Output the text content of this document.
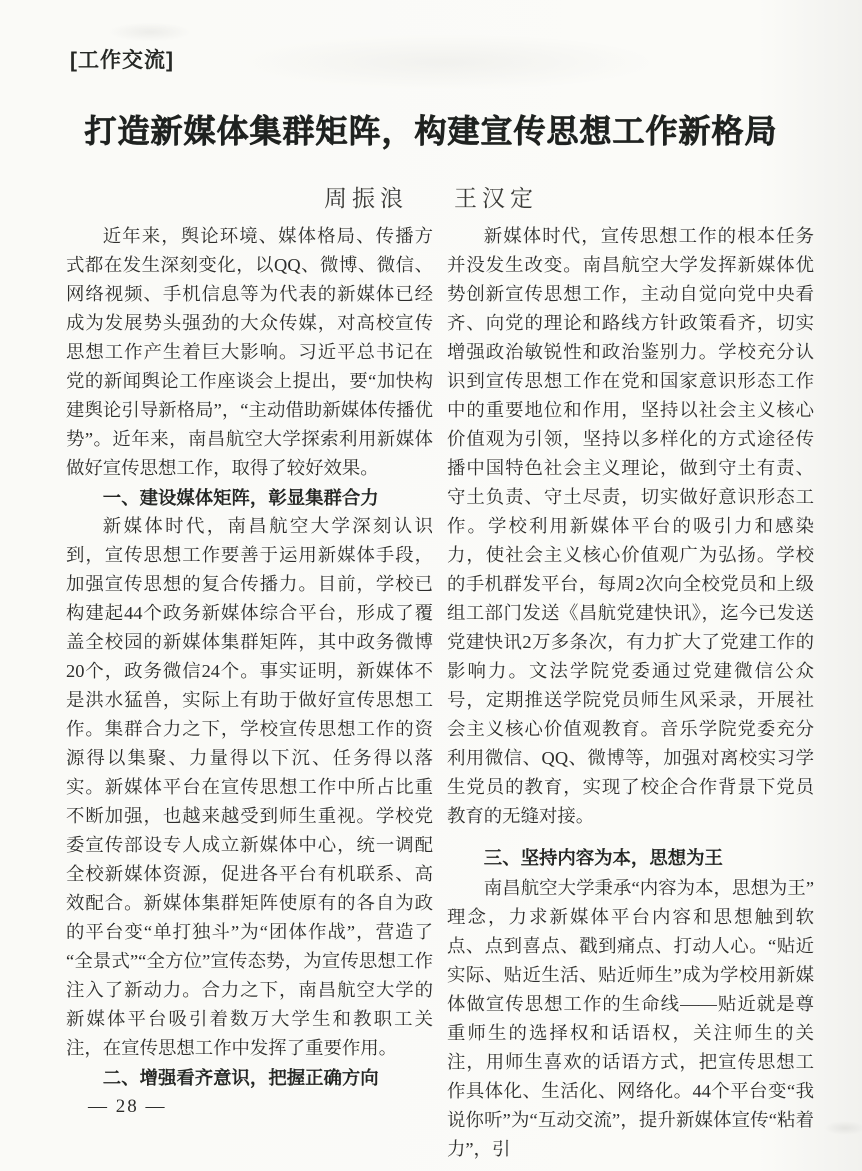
[工作交流]
打造新媒体集群矩阵，构建宣传思想工作新格局
周振浪 王汉定

近年来，舆论环境、媒体格局、传播方式都在发生深刻变化，以QQ、微博、微信、网络视频、手机信息等为代表的新媒体已经成为发展势头强劲的大众传媒，对高校宣传思想工作产生着巨大影响。习近平总书记在党的新闻舆论工作座谈会上提出，要“加快构建舆论引导新格局”，“主动借助新媒体传播优势”。近年来，南昌航空大学探索利用新媒体做好宣传思想工作，取得了较好效果。

一、建设媒体矩阵，彰显集群合力

新媒体时代，南昌航空大学深刻认识到，宣传思想工作要善于运用新媒体手段，加强宣传思想的复合传播力。目前，学校已构建起44个政务新媒体综合平台，形成了覆盖全校园的新媒体集群矩阵，其中政务微博20个，政务微信24个。事实证明，新媒体不是洪水猛兽，实际上有助于做好宣传思想工作。集群合力之下，学校宣传思想工作的资源得以集聚、力量得以下沉、任务得以落实。新媒体平台在宣传思想工作中所占比重不断加强，也越来越受到师生重视。学校党委宣传部设专人成立新媒体中心，统一调配全校新媒体资源，促进各平台有机联系、高效配合。新媒体集群矩阵使原有的各自为政的平台变“单打独斗”为“团体作战”，营造了“全景式”“全方位”宣传态势，为宣传思想工作注入了新动力。合力之下，南昌航空大学的新媒体平台吸引着数万大学生和教职工关注，在宣传思想工作中发挥了重要作用。

二、增强看齐意识，把握正确方向

新媒体时代，宣传思想工作的根本任务并没发生改变。南昌航空大学发挥新媒体优势创新宣传思想工作，主动自觉向党中央看齐、向党的理论和路线方针政策看齐，切实增强政治敏锐性和政治鉴别力。学校充分认识到宣传思想工作在党和国家意识形态工作中的重要地位和作用，坚持以社会主义核心价值观为引领，坚持以多样化的方式途径传播中国特色社会主义理论，做到守土有责、守土负责、守土尽责，切实做好意识形态工作。学校利用新媒体平台的吸引力和感染力，使社会主义核心价值观广为弘扬。学校的手机群发平台，每周2次向全校党员和上级组工部门发送《昌航党建快讯》，迄今已发送党建快讯2万多条次，有力扩大了党建工作的影响力。文法学院党委通过党建微信公众号，定期推送学院党员师生风采录，开展社会主义核心价值观教育。音乐学院党委充分利用微信、QQ、微博等，加强对离校实习学生党员的教育，实现了校企合作背景下党员教育的无缝对接。

三、坚持内容为本，思想为王

南昌航空大学秉承“内容为本，思想为王”理念，力求新媒体平台内容和思想触到软点、点到喜点、戳到痛点、打动人心。“贴近实际、贴近生活、贴近师生”成为学校用新媒体做宣传思想工作的生命线——贴近就是尊重师生的选择权和话语权，关注师生的关注，用师生喜欢的话语方式，把宣传思想工作具体化、生活化、网络化。44个平台变“我说你听”为“互动交流”，提升新媒体宣传“粘着力”，引

— 28 —
